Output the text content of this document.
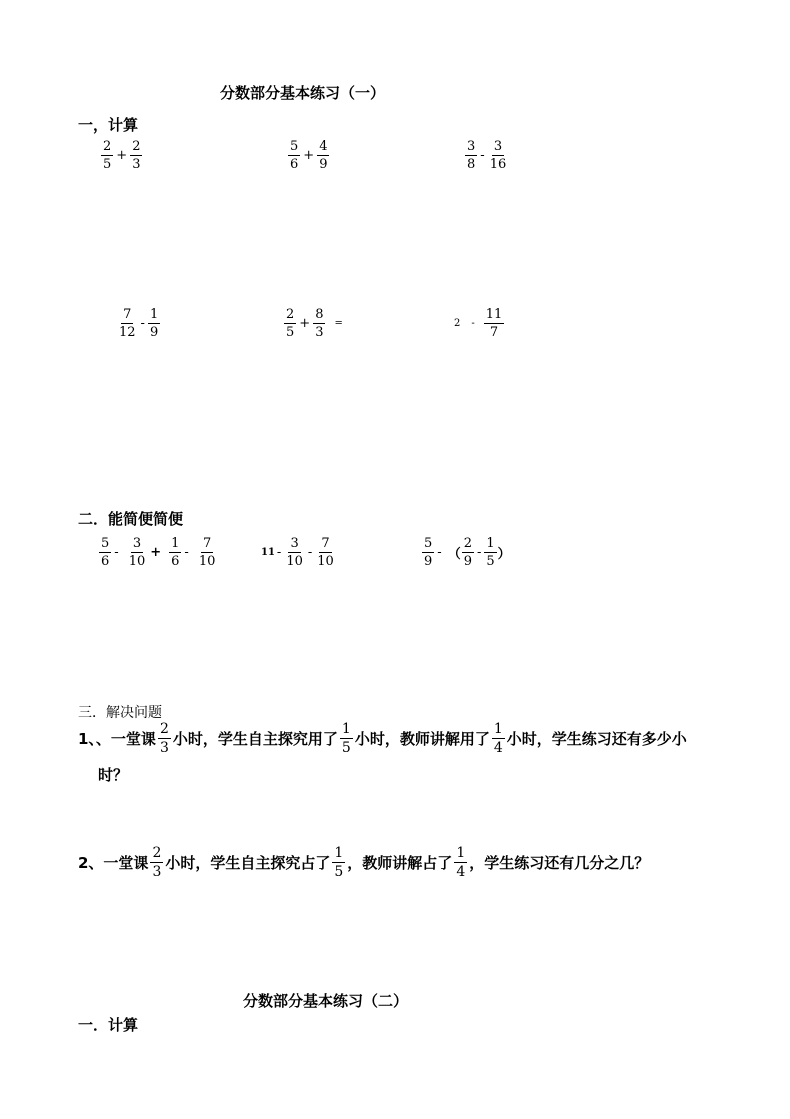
分数部分基本练习（一）
一，计算
$\frac{2}{5} + \frac{2}{3}$	$\frac{5}{6} + \frac{4}{9}$	$\frac{3}{8} - \frac{3}{16}$
$\frac{7}{12} - \frac{1}{9}$	$\frac{2}{5} + \frac{8}{3}$ =	$2 - \frac{11}{7}$
二．能简便简便
$\frac{5}{6} - \frac{3}{10} + \frac{1}{6} - \frac{7}{10}$	$11 - \frac{3}{10} - \frac{7}{10}$	$\frac{5}{9}$ - （ $\frac{2}{9} - \frac{1}{5}$ ）
三．解决问题
1、、一堂课 $\frac{2}{3}$ 小时，学生自主探究用了 $\frac{1}{5}$ 小时，教师讲解用了 $\frac{1}{4}$ 小时，学生练习还有多少小
时？
2、一堂课 $\frac{2}{3}$ 小时，学生自主探究占了 $\frac{1}{5}$ ，教师讲解占了 $\frac{1}{4}$ ，学生练习还有几分之几？
分数部分基本练习（二）
一．计算
